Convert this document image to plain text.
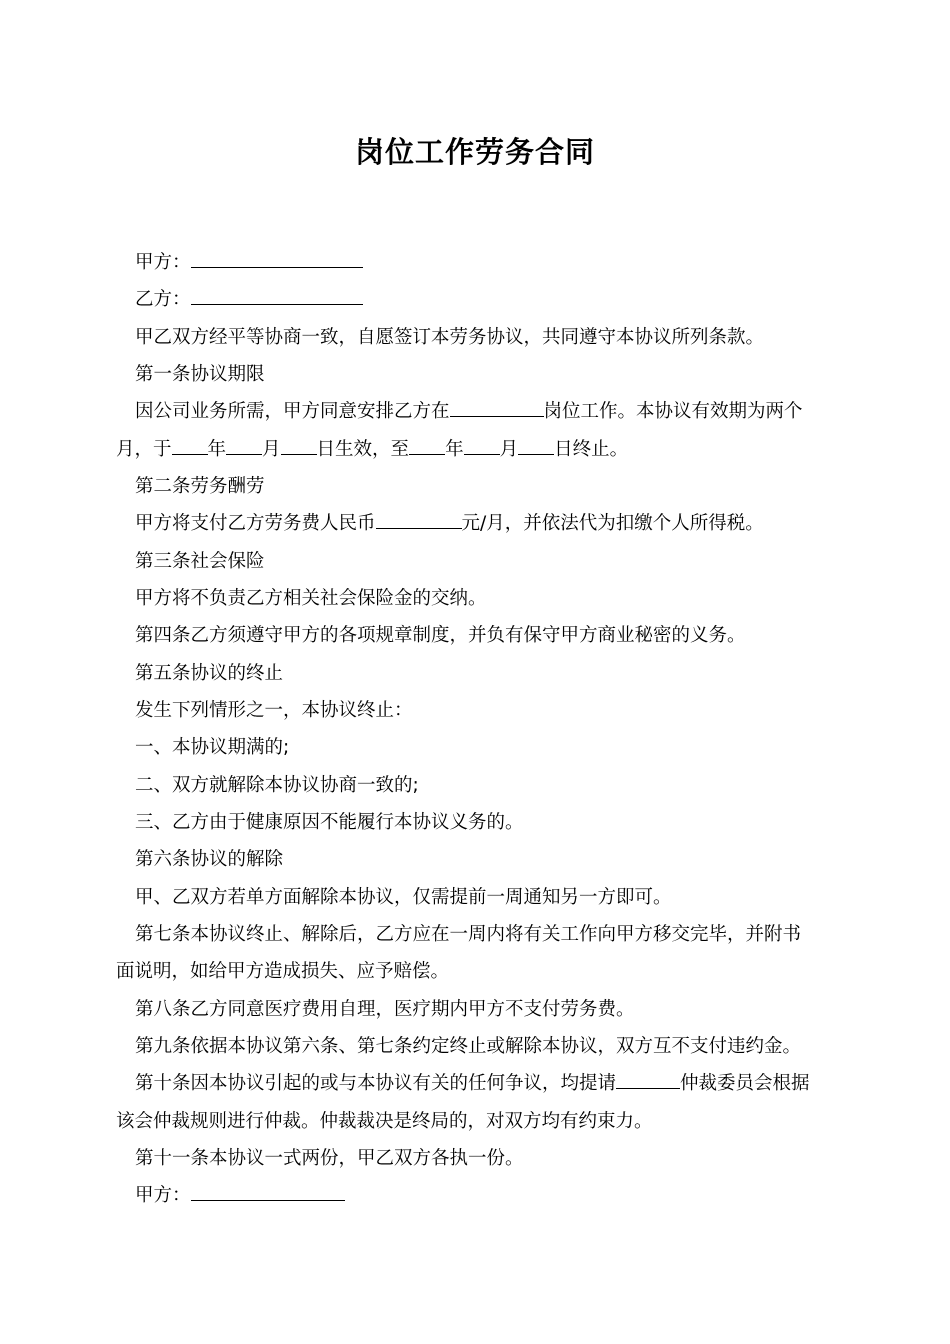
岗位工作劳务合同
甲方：
乙方：
甲乙双方经平等协商一致，自愿签订本劳务协议，共同遵守本协议所列条款。
第一条协议期限
因公司业务所需，甲方同意安排乙方在	岗位工作。本协议有效期为两个
月，于 年 月 日生效，至 年 月 日终止。
第二条劳务酬劳
甲方将支付乙方劳务费人民币	元/月，并依法代为扣缴个人所得税。
第三条社会保险
甲方将不负责乙方相关社会保险金的交纳。
第四条乙方须遵守甲方的各项规章制度，并负有保守甲方商业秘密的义务。
第五条协议的终止
发生下列情形之一，本协议终止：
一、本协议期满的;
二、双方就解除本协议协商一致的;
三、乙方由于健康原因不能履行本协议义务的。
第六条协议的解除
甲、乙双方若单方面解除本协议，仅需提前一周通知另一方即可。
第七条本协议终止、解除后，乙方应在一周内将有关工作向甲方移交完毕，并附书
面说明，如给甲方造成损失、应予赔偿。
第八条乙方同意医疗费用自理，医疗期内甲方不支付劳务费。
第九条依据本协议第六条、第七条约定终止或解除本协议，双方互不支付违约金。
第十条因本协议引起的或与本协议有关的任何争议，均提请	仲裁委员会根据
该会仲裁规则进行仲裁。仲裁裁决是终局的，对双方均有约束力。
第十一条本协议一式两份，甲乙双方各执一份。
甲方：
